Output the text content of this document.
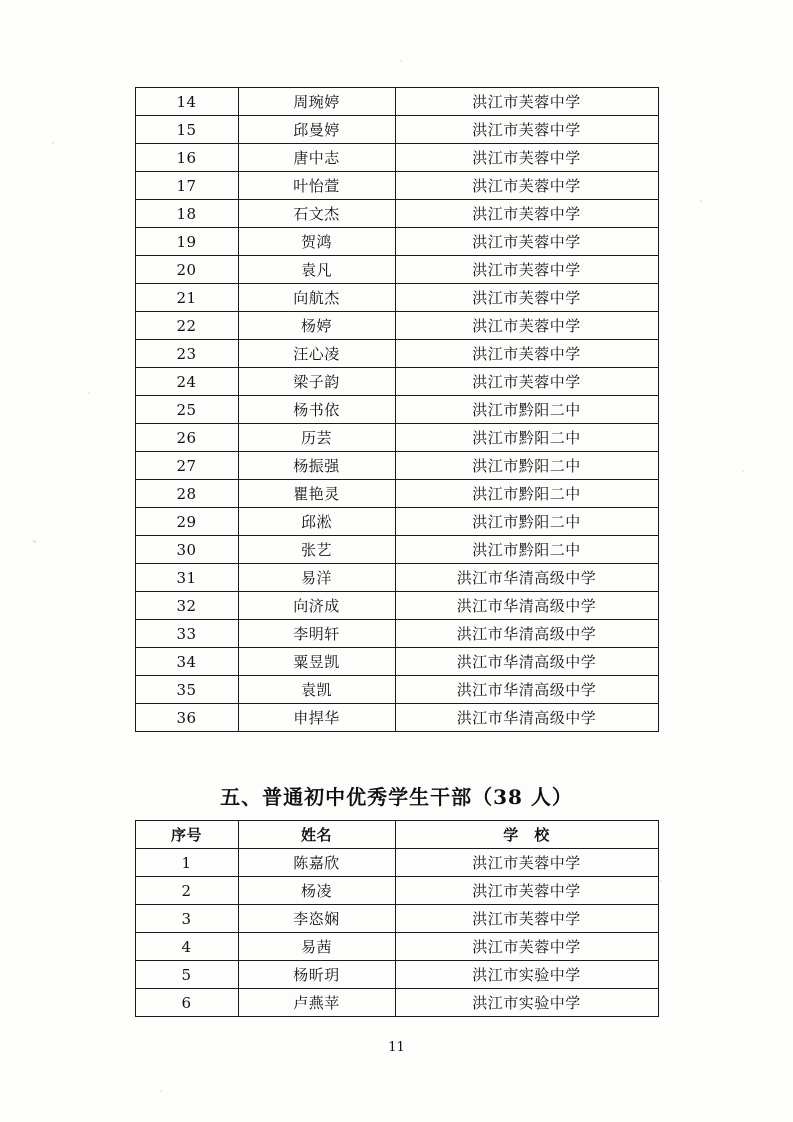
14	周琬婷	洪江市芙蓉中学
15	邱曼婷	洪江市芙蓉中学
16	唐中志	洪江市芙蓉中学
17	叶怡萱	洪江市芙蓉中学
18	石文杰	洪江市芙蓉中学
19	贺鸿	洪江市芙蓉中学
20	袁凡	洪江市芙蓉中学
21	向航杰	洪江市芙蓉中学
22	杨婷	洪江市芙蓉中学
23	汪心凌	洪江市芙蓉中学
24	梁子韵	洪江市芙蓉中学
25	杨书依	洪江市黔阳二中
26	历芸	洪江市黔阳二中
27	杨振强	洪江市黔阳二中
28	瞿艳灵	洪江市黔阳二中
29	邱淞	洪江市黔阳二中
30	张艺	洪江市黔阳二中
31	易洋	洪江市华清高级中学
32	向济成	洪江市华清高级中学
33	李明轩	洪江市华清高级中学
34	粟昱凯	洪江市华清高级中学
35	袁凯	洪江市华清高级中学
36	申捍华	洪江市华清高级中学
五、普通初中优秀学生干部（38 人）
序号	姓名	学　校
1	陈嘉欣	洪江市芙蓉中学
2	杨凌	洪江市芙蓉中学
3	李恣娴	洪江市芙蓉中学
4	易茜	洪江市芙蓉中学
5	杨昕玥	洪江市实验中学
6	卢燕苹	洪江市实验中学
11
